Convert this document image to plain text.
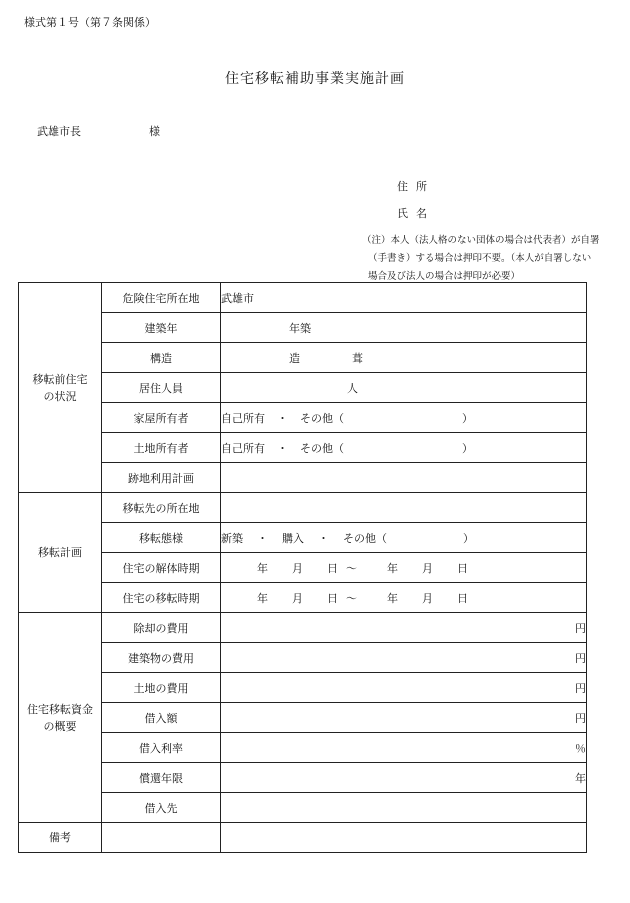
様式第１号（第７条関係）
住宅移転補助事業実施計画
武雄市長	様
住所
氏名
（注）本人（法人格のない団体の場合は代表者）が自署
（手書き）する場合は押印不要。（本人が自署しない
場合及び法人の場合は押印が必要）
移転前住宅の状況	危険住宅所在地	武雄市
	建築年	年築
	構造	造 葺
	居住人員	人
	家屋所有者	自己所有 ・ その他（ ）
	土地所有者	自己所有 ・ その他（ ）
	跡地利用計画	

移転計画	移転先の所在地	
	移転態様	新築 ・ 購入 ・ その他（ ）
	住宅の解体時期	年 月 日 ～ 年 月 日
	住宅の移転時期	年 月 日 ～ 年 月 日

住宅移転資金の概要	除却の費用	円
	建築物の費用	円
	土地の費用	円
	借入額	円
	借入利率	％
	償還年限	年
	借入先	
備考		
